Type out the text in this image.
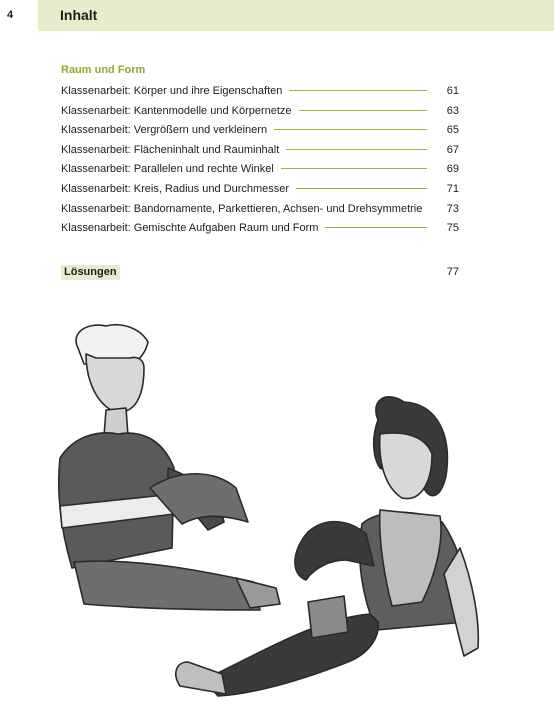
4	Inhalt
Raum und Form
Klassenarbeit: Körper und ihre Eigenschaften	61
Klassenarbeit: Kantenmodelle und Körpernetze	63
Klassenarbeit: Vergrößern und verkleinern	65
Klassenarbeit: Flächeninhalt und Rauminhalt	67
Klassenarbeit: Parallelen und rechte Winkel	69
Klassenarbeit: Kreis, Radius und Durchmesser	71
Klassenarbeit: Bandornamente, Parkettieren, Achsen- und Drehsymmetrie	73
Klassenarbeit: Gemischte Aufgaben Raum und Form	75
Lösungen	77
